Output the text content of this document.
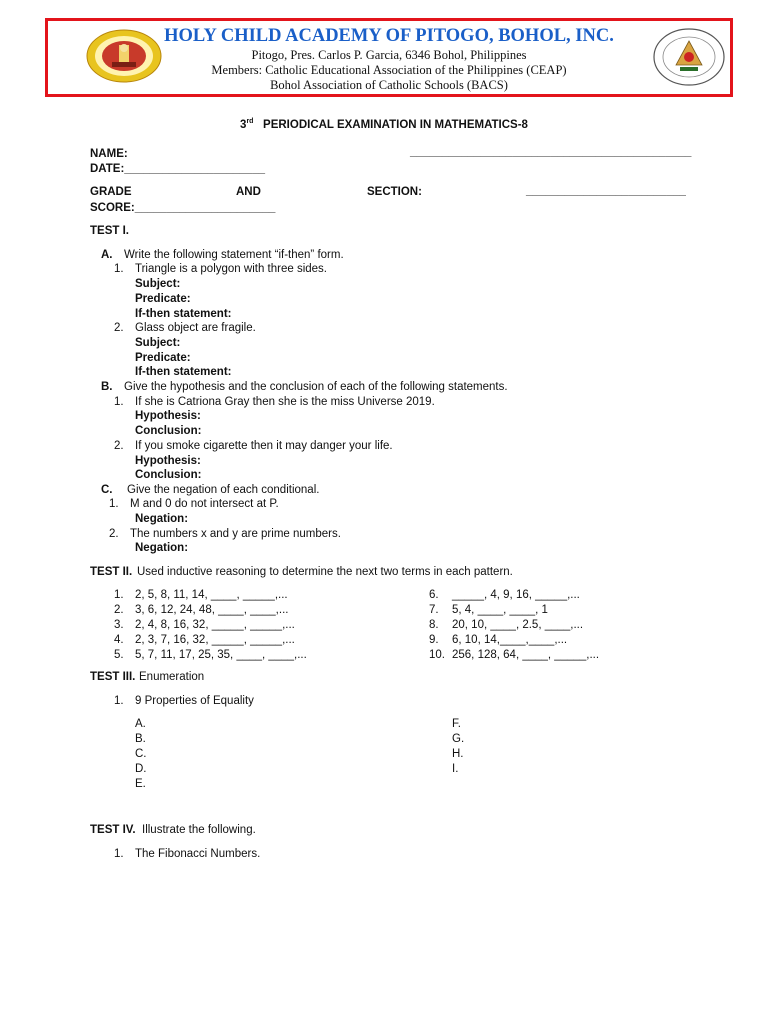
HOLY CHILD ACADEMY OF PITOGO, BOHOL, INC.
Pitogo, Pres. Carlos P. Garcia, 6346 Bohol, Philippines
Members: Catholic Educational Association of the Philippines (CEAP)
Bohol Association of Catholic Schools (BACS)
3rd PERIODICAL EXAMINATION IN MATHEMATICS-8
NAME:	____________________________________________
DATE:______________________
GRADE	AND	SECTION:	_________________________
SCORE:______________________
TEST I.
A. Write the following statement “if-then” form.
1. Triangle is a polygon with three sides.
Subject:
Predicate:
If-then statement:
2. Glass object are fragile.
Subject:
Predicate:
If-then statement:
B. Give the hypothesis and the conclusion of each of the following statements.
1. If she is Catriona Gray then she is the miss Universe 2019.
Hypothesis:
Conclusion:
2. If you smoke cigarette then it may danger your life.
Hypothesis:
Conclusion:
C. Give the negation of each conditional.
1. M and 0 do not intersect at P.
Negation:
2. The numbers x and y are prime numbers.
Negation:
TEST II. Used inductive reasoning to determine the next two terms in each pattern.
1. 2, 5, 8, 11, 14, ____, _____,...
2. 3, 6, 12, 24, 48, ____, ____,...
3. 2, 4, 8, 16, 32, _____, _____,...
4. 2, 3, 7, 16, 32, _____, _____,...
5. 5, 7, 11, 17, 25, 35, ____, ____,...
6. _____, 4, 9, 16, _____,...
7. 5, 4, ____, ____, 1
8. 20, 10, ____, 2.5, ____,...
9. 6, 10, 14,____,____,...
10. 256, 128, 64, ____, _____,...
TEST III. Enumeration
1. 9 Properties of Equality
A.
B.
C.
D.
E.
F.
G.
H.
I.
TEST IV. Illustrate the following.
1. The Fibonacci Numbers.
